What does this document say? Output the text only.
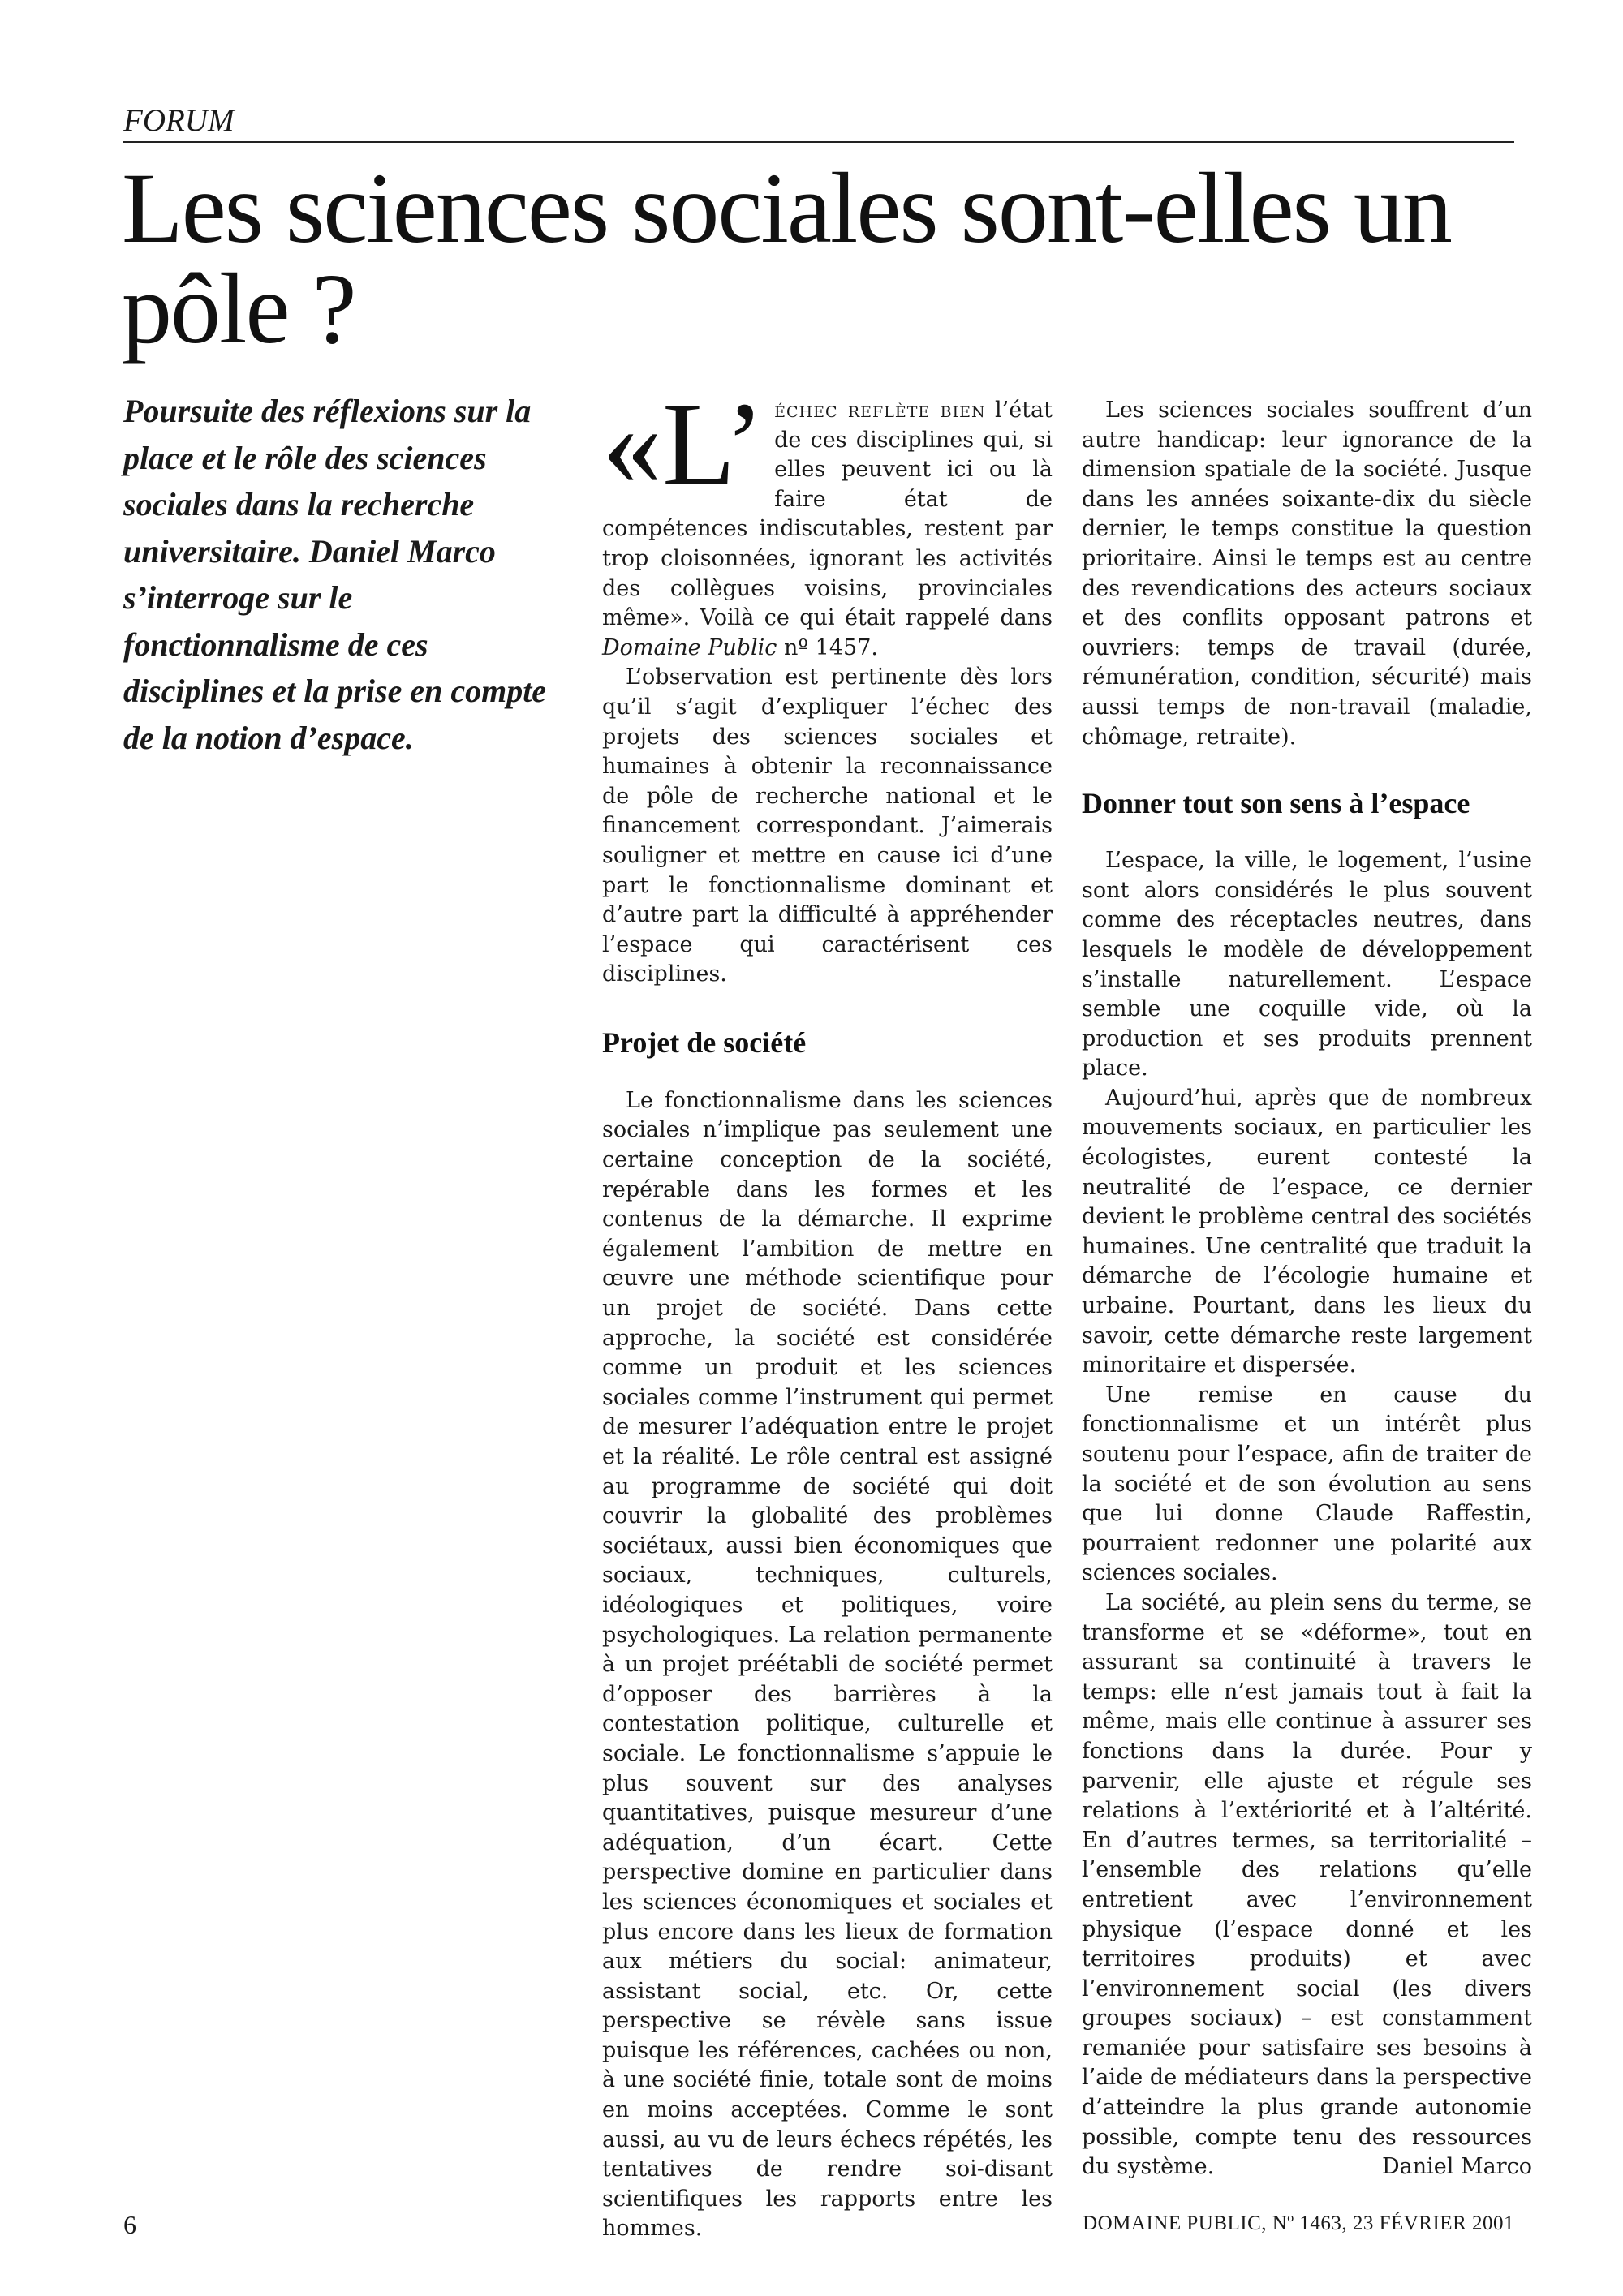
FORUM
Les sciences sociales sont-elles un pôle ?

Poursuite des réflexions sur la place et le rôle des sciences sociales dans la recherche universitaire. Daniel Marco s’interroge sur le fonctionnalisme de ces disciplines et la prise en compte de la notion d’espace.

«L’ échec reflète bien l’état de ces disciplines qui, si elles peuvent ici ou là faire état de compétences indiscutables, restent par trop cloisonnées, ignorant les activités des collègues voisins, provinciales même». Voilà ce qui était rappelé dans Domaine Public nº 1457.

L’observation est pertinente dès lors qu’il s’agit d’expliquer l’échec des projets des sciences sociales et humaines à obtenir la reconnaissance de pôle de recherche national et le financement correspondant. J’aimerais souligner et mettre en cause ici d’une part le fonctionnalisme dominant et d’autre part la difficulté à appréhender l’espace qui caractérisent ces disciplines.

Projet de société

Le fonctionnalisme dans les sciences sociales n’implique pas seulement une certaine conception de la société, repérable dans les formes et les contenus de la démarche. Il exprime également l’ambition de mettre en œuvre une méthode scientifique pour un projet de société. Dans cette approche, la société est considérée comme un produit et les sciences sociales comme l’instrument qui permet de mesurer l’adéquation entre le projet et la réalité. Le rôle central est assigné au programme de société qui doit couvrir la globalité des problèmes sociétaux, aussi bien économiques que sociaux, techniques, culturels, idéologiques et politiques, voire psychologiques. La relation permanente à un projet préétabli de société permet d’opposer des barrières à la contestation politique, culturelle et sociale. Le fonctionnalisme s’appuie le plus souvent sur des analyses quantitatives, puisque mesureur d’une adéquation, d’un écart. Cette perspective domine en particulier dans les sciences économiques et sociales et plus encore dans les lieux de formation aux métiers du social: animateur, assistant social, etc. Or, cette perspective se révèle sans issue puisque les références, cachées ou non, à une société finie, totale sont de moins en moins acceptées. Comme le sont aussi, au vu de leurs échecs répétés, les tentatives de rendre soi-disant scientifiques les rapports entre les hommes.

Les sciences sociales souffrent d’un autre handicap: leur ignorance de la dimension spatiale de la société. Jusque dans les années soixante-dix du siècle dernier, le temps constitue la question prioritaire. Ainsi le temps est au centre des revendications des acteurs sociaux et des conflits opposant patrons et ouvriers: temps de travail (durée, rémunération, condition, sécurité) mais aussi temps de non-travail (maladie, chômage, retraite).

Donner tout son sens à l’espace

L’espace, la ville, le logement, l’usine sont alors considérés le plus souvent comme des réceptacles neutres, dans lesquels le modèle de développement s’installe naturellement. L’espace semble une coquille vide, où la production et ses produits prennent place.

Aujourd’hui, après que de nombreux mouvements sociaux, en particulier les écologistes, eurent contesté la neutralité de l’espace, ce dernier devient le problème central des sociétés humaines. Une centralité que traduit la démarche de l’écologie humaine et urbaine. Pourtant, dans les lieux du savoir, cette démarche reste largement minoritaire et dispersée.

Une remise en cause du fonctionnalisme et un intérêt plus soutenu pour l’espace, afin de traiter de la société et de son évolution au sens que lui donne Claude Raffestin, pourraient redonner une polarité aux sciences sociales.

La société, au plein sens du terme, se transforme et se «déforme», tout en assurant sa continuité à travers le temps: elle n’est jamais tout à fait la même, mais elle continue à assurer ses fonctions dans la durée. Pour y parvenir, elle ajuste et régule ses relations à l’extériorité et à l’altérité. En d’autres termes, sa territorialité – l’ensemble des relations qu’elle entretient avec l’environnement physique (l’espace donné et les territoires produits) et avec l’environnement social (les divers groupes sociaux) – est constamment remaniée pour satisfaire ses besoins à l’aide de médiateurs dans la perspective d’atteindre la plus grande autonomie possible, compte tenu des ressources du système.	Daniel Marco

6	DOMAINE PUBLIC, Nº 1463, 23 FÉVRIER 2001
